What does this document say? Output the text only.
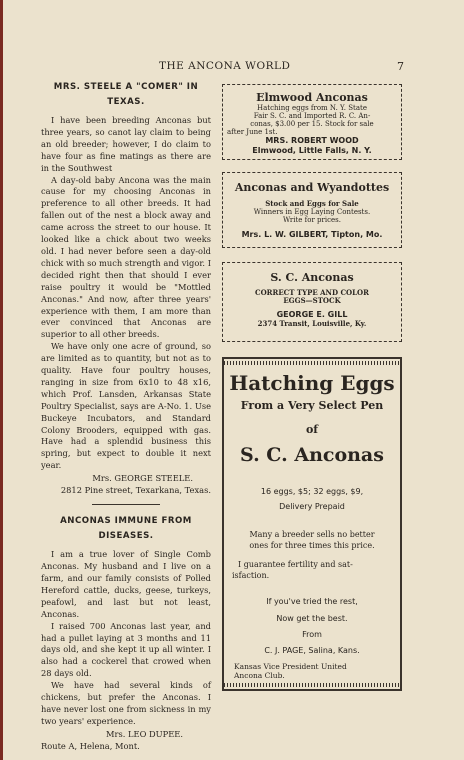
THE ANCONA WORLD	7

MRS. STEELE A "COMER" IN

TEXAS.

I have been breeding Anconas but three years, so canot lay claim to being an old breeder; however, I do claim to have four as fine matings as there are in the Southwest

A day-old baby Ancona was the main cause for my choosing Anconas in preference to all other breeds. It had fallen out of the nest a block away and came across the street to our house. It looked like a chick about two weeks old. I had never before seen a day-old chick with so much strength and vigor. I decided right then that should I ever raise poultry it would be "Mottled Anconas." And now, after three years' experience with them, I am more than ever convinced that Anconas are superior to all other breeds.

We have only one acre of ground, so are limited as to quantity, but not as to quality. Have four poultry houses, ranging in size from 6x10 to 48 x16, which Prof. Lansden, Arkansas State Poultry Specialist, says are A-No. 1. Use Buckeye Incubators, and Standard Colony Brooders, equipped with gas. Have had a splendid business this spring, but expect to double it next year.

Mrs. GEORGE STEELE.

2812 Pine street, Texarkana, Texas.

ANCONAS IMMUNE FROM

DISEASES.

I am a true lover of Single Comb Anconas. My husband and I live on a farm, and our family consists of Polled Hereford cattle, ducks, geese, turkeys, peafowl, and last but not least, Anconas.

I raised 700 Anconas last year, and had a pullet laying at 3 months and 11 days old, and she kept it up all winter. I also had a cockerel that crowed when 28 days old.

We have had several kinds of chickens, but prefer the Anconas. I have never lost one from sickness in my two years' experience.

Mrs. LEO DUPEE.

Route A, Helena, Mont.

Elmwood Anconas
Hatching eggs from N. Y. State
Fair S. C. and Imported R. C. An-
conas, $3.00 per 15. Stock for sale
after June 1st.
MRS. ROBERT WOOD
Elmwood, Little Falls, N. Y.
Anconas and Wyandottes
Stock and Eggs for Sale
Winners in Egg Laying Contests.
Write for prices.
Mrs. L. W. GILBERT, Tipton, Mo.
S. C. Anconas
CORRECT TYPE AND COLOR
EGGS—STOCK
GEORGE E. GILL
2374 Transit, Louisville, Ky.
Hatching Eggs
From a Very Select Pen
of
S. C. Anconas
16 eggs, $5; 32 eggs, $9,
Delivery Prepaid
Many a breeder sells no better
ones for three times this price.
I guarantee fertility and sat-
isfaction.
If you've tried the rest,
Now get the best.
From
C. J. PAGE, Salina, Kans.
Kansas Vice President United
Ancona Club.
